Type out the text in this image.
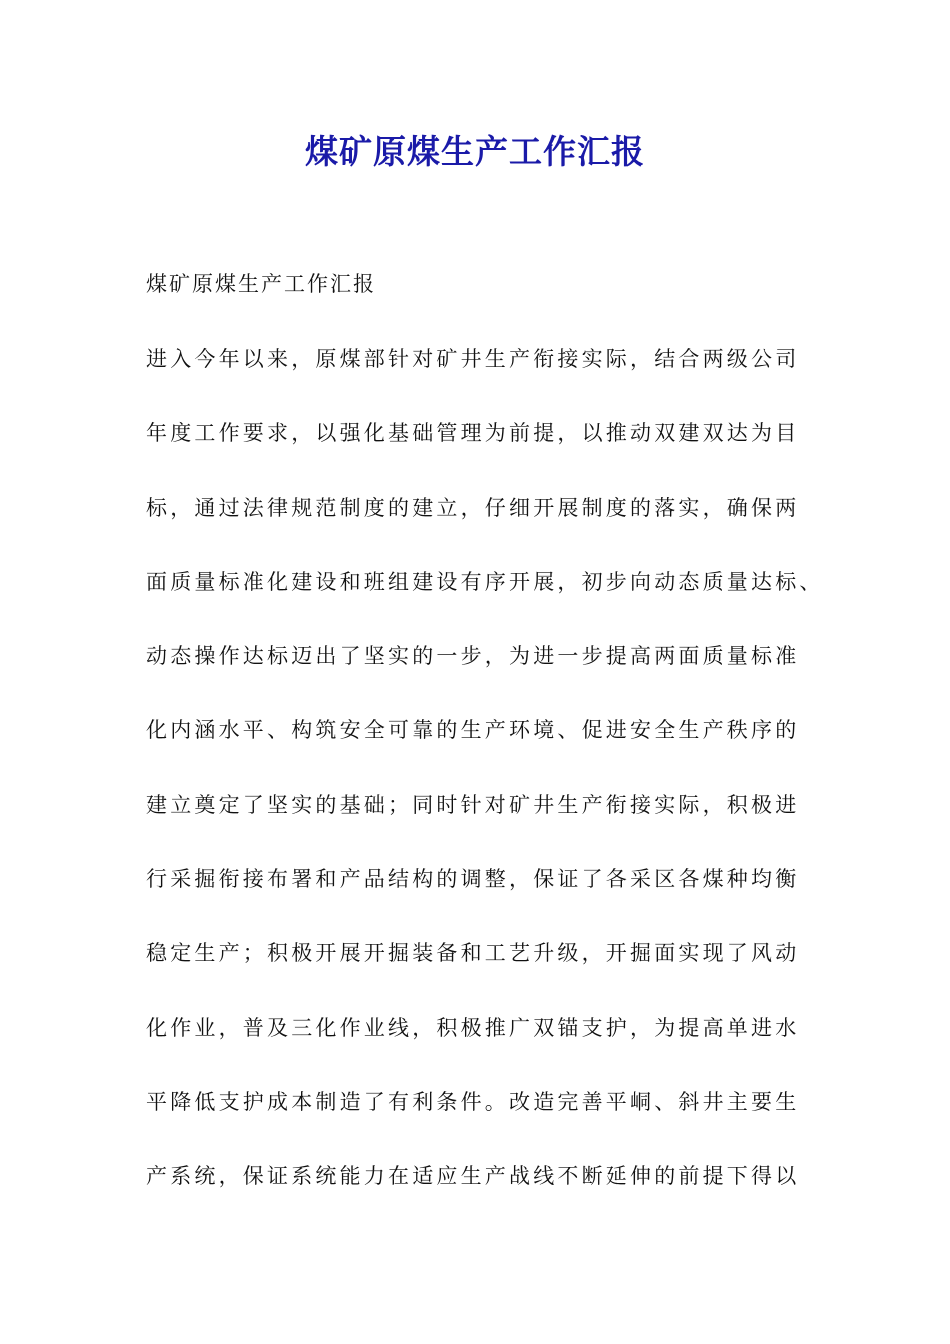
煤矿原煤生产工作汇报

煤矿原煤生产工作汇报

进入今年以来，原煤部针对矿井生产衔接实际，结合两级公司
年度工作要求，以强化基础管理为前提，以推动双建双达为目
标，通过法律规范制度的建立，仔细开展制度的落实，确保两
面质量标准化建设和班组建设有序开展，初步向动态质量达标、
动态操作达标迈出了坚实的一步，为进一步提高两面质量标准
化内涵水平、构筑安全可靠的生产环境、促进安全生产秩序的
建立奠定了坚实的基础；同时针对矿井生产衔接实际，积极进
行采掘衔接布署和产品结构的调整，保证了各采区各煤种均衡
稳定生产；积极开展开掘装备和工艺升级，开掘面实现了风动
化作业，普及三化作业线，积极推广双锚支护，为提高单进水
平降低支护成本制造了有利条件。改造完善平峒、斜井主要生
产系统，保证系统能力在适应生产战线不断延伸的前提下得以
